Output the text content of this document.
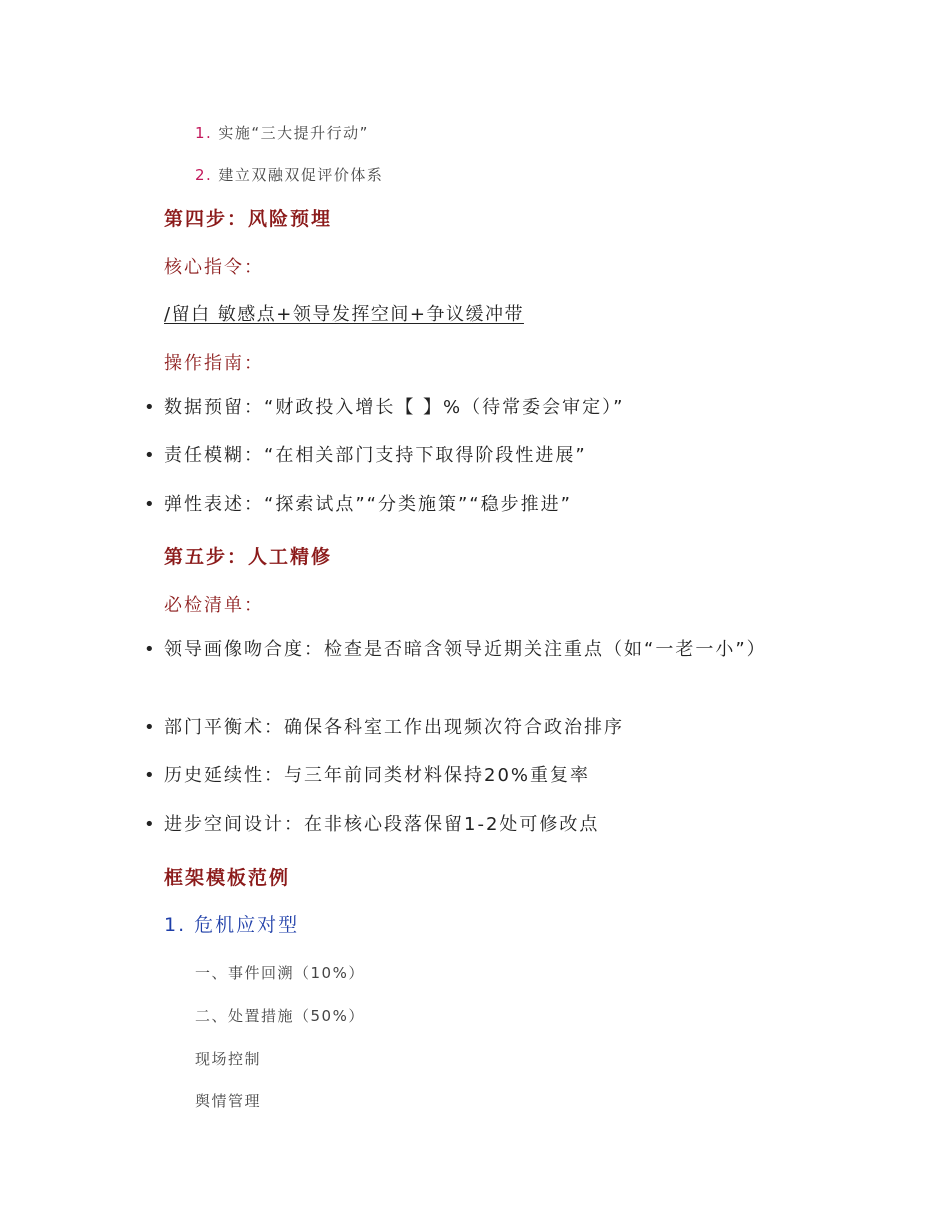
1. 实施“三大提升行动”
2. 建立双融双促评价体系
第四步：风险预埋
核心指令：
/留白 敏感点+领导发挥空间+争议缓冲带
操作指南：
• 数据预留：“财政投入增长【 】%（待常委会审定）”
• 责任模糊：“在相关部门支持下取得阶段性进展”
• 弹性表述：“探索试点”“分类施策”“稳步推进”
第五步：人工精修
必检清单：
• 领导画像吻合度：检查是否暗含领导近期关注重点（如“一老一小”）
• 部门平衡术：确保各科室工作出现频次符合政治排序
• 历史延续性：与三年前同类材料保持20%重复率
• 进步空间设计：在非核心段落保留1-2处可修改点
框架模板范例
1. 危机应对型
一、事件回溯（10%）
二、处置措施（50%）
现场控制
舆情管理
